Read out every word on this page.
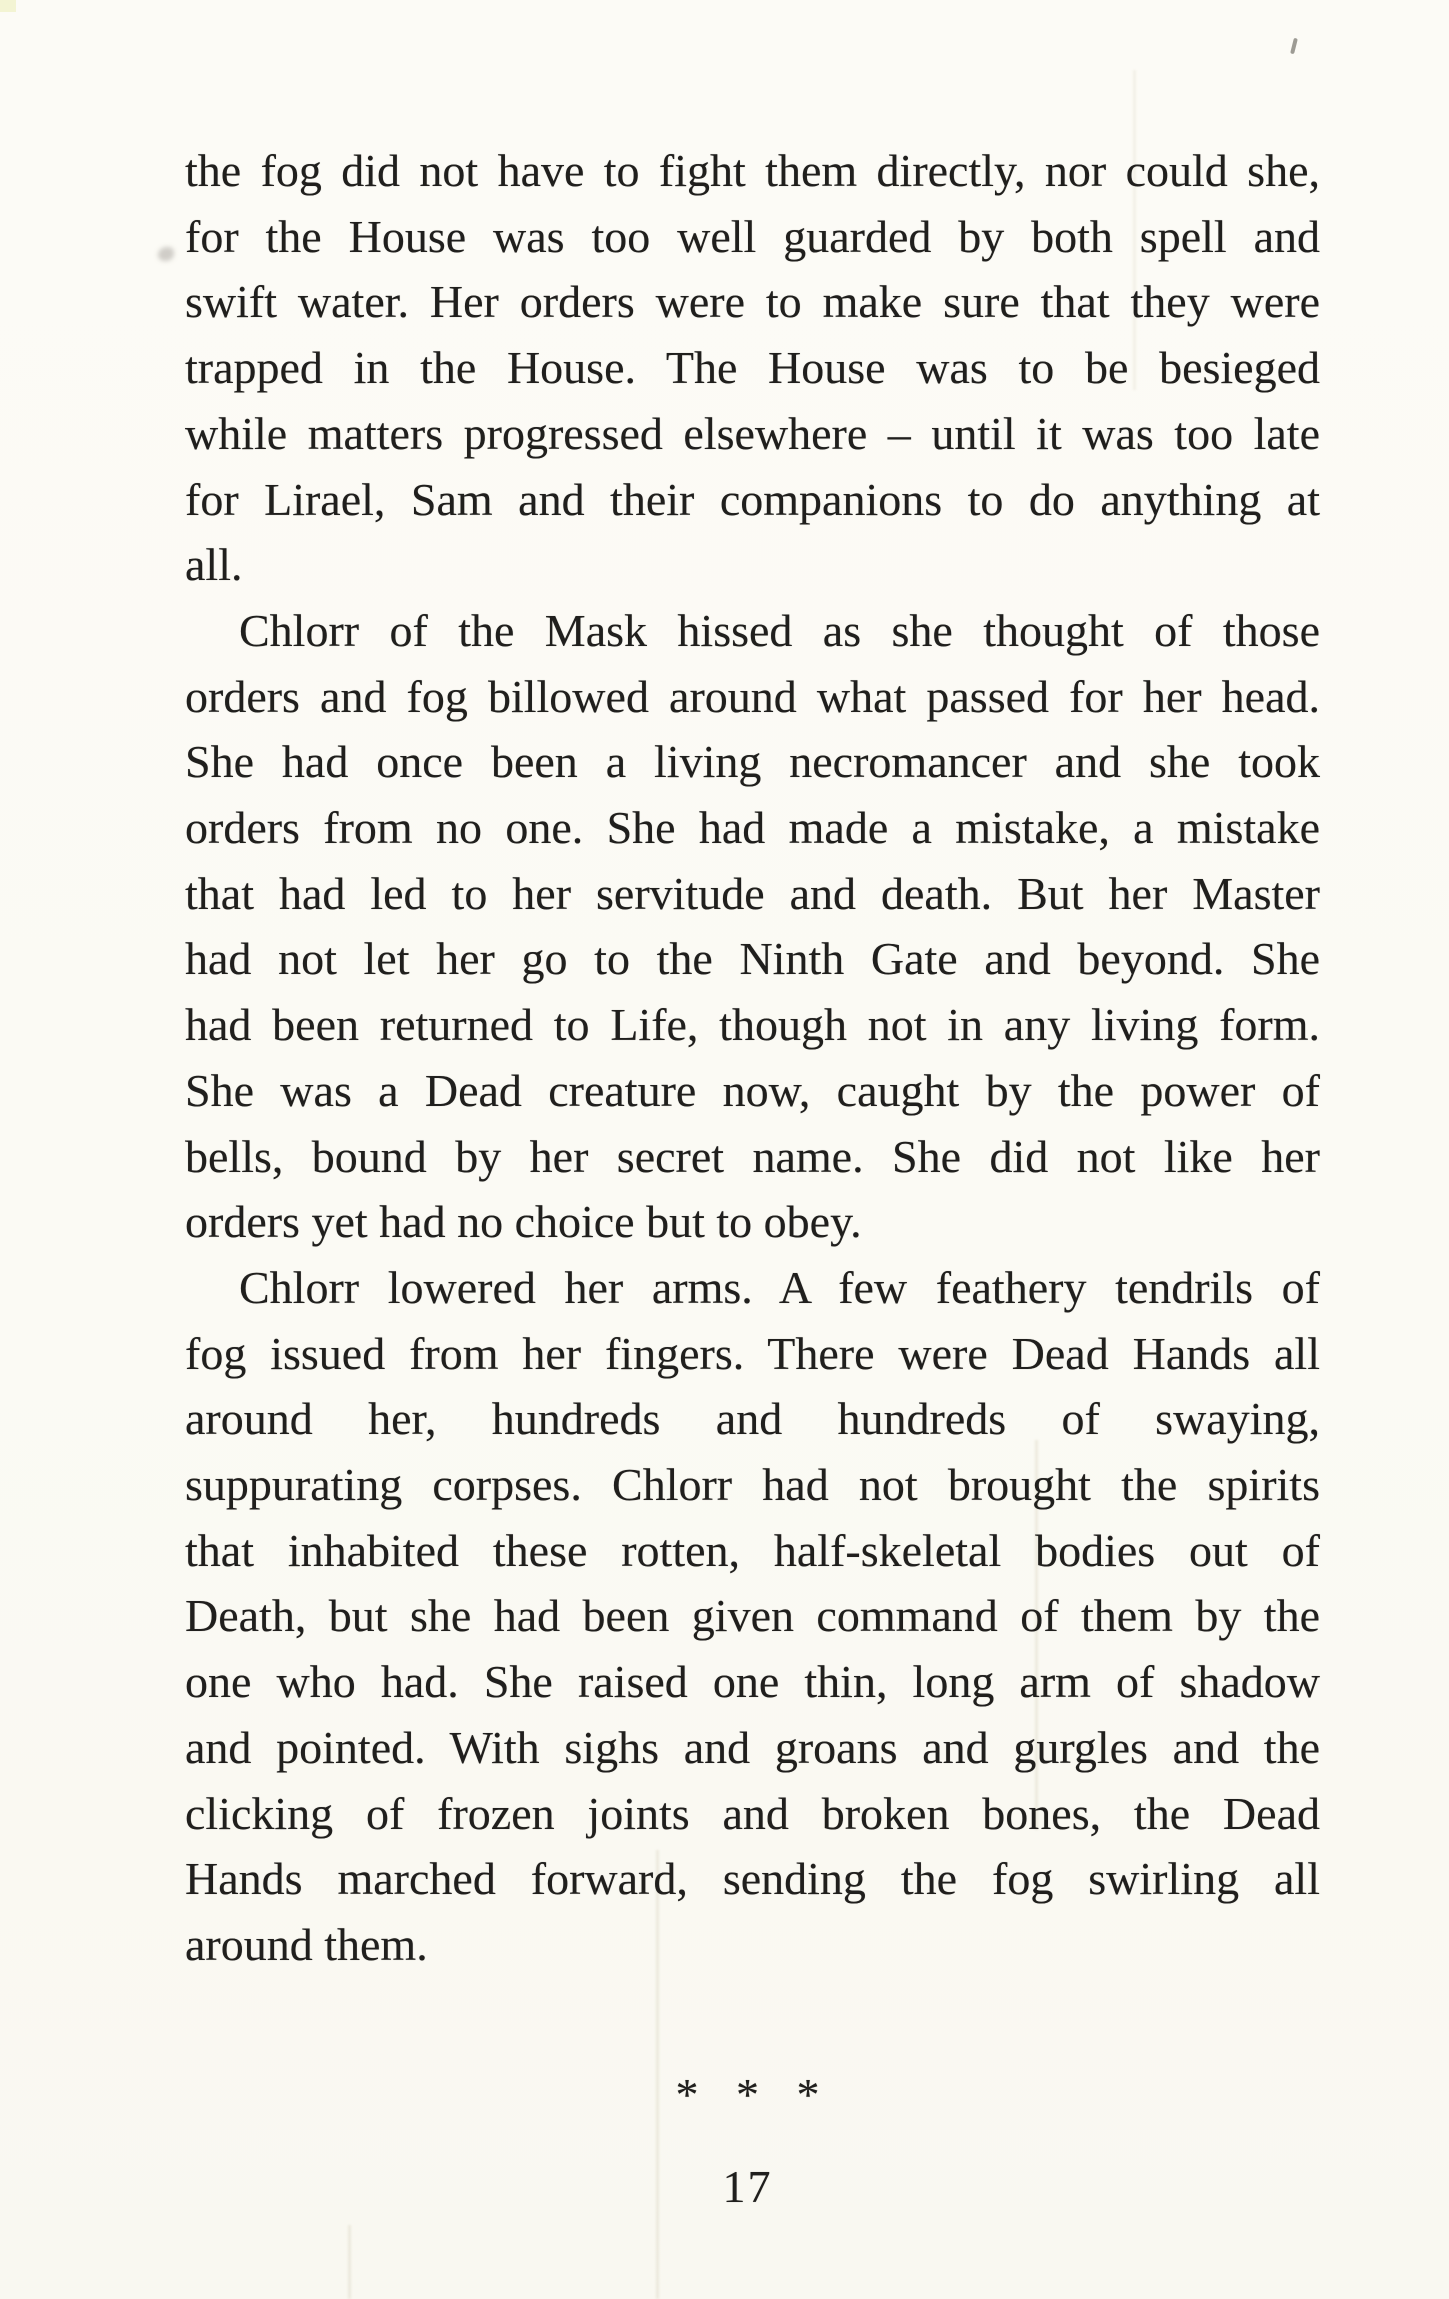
the fog did not have to fight them directly, nor could she,
for the House was too well guarded by both spell and
swift water. Her orders were to make sure that they were
trapped in the House. The House was to be besieged
while matters progressed elsewhere – until it was too late
for Lirael, Sam and their companions to do anything at
all.
Chlorr of the Mask hissed as she thought of those
orders and fog billowed around what passed for her head.
She had once been a living necromancer and she took
orders from no one. She had made a mistake, a mistake
that had led to her servitude and death. But her Master
had not let her go to the Ninth Gate and beyond. She
had been returned to Life, though not in any living form.
She was a Dead creature now, caught by the power of
bells, bound by her secret name. She did not like her
orders yet had no choice but to obey.
Chlorr lowered her arms. A few feathery tendrils of
fog issued from her fingers. There were Dead Hands all
around her, hundreds and hundreds of swaying,
suppurating corpses. Chlorr had not brought the spirits
that inhabited these rotten, half-skeletal bodies out of
Death, but she had been given command of them by the
one who had. She raised one thin, long arm of shadow
and pointed. With sighs and groans and gurgles and the
clicking of frozen joints and broken bones, the Dead
Hands marched forward, sending the fog swirling all
around them.
* * *
17
